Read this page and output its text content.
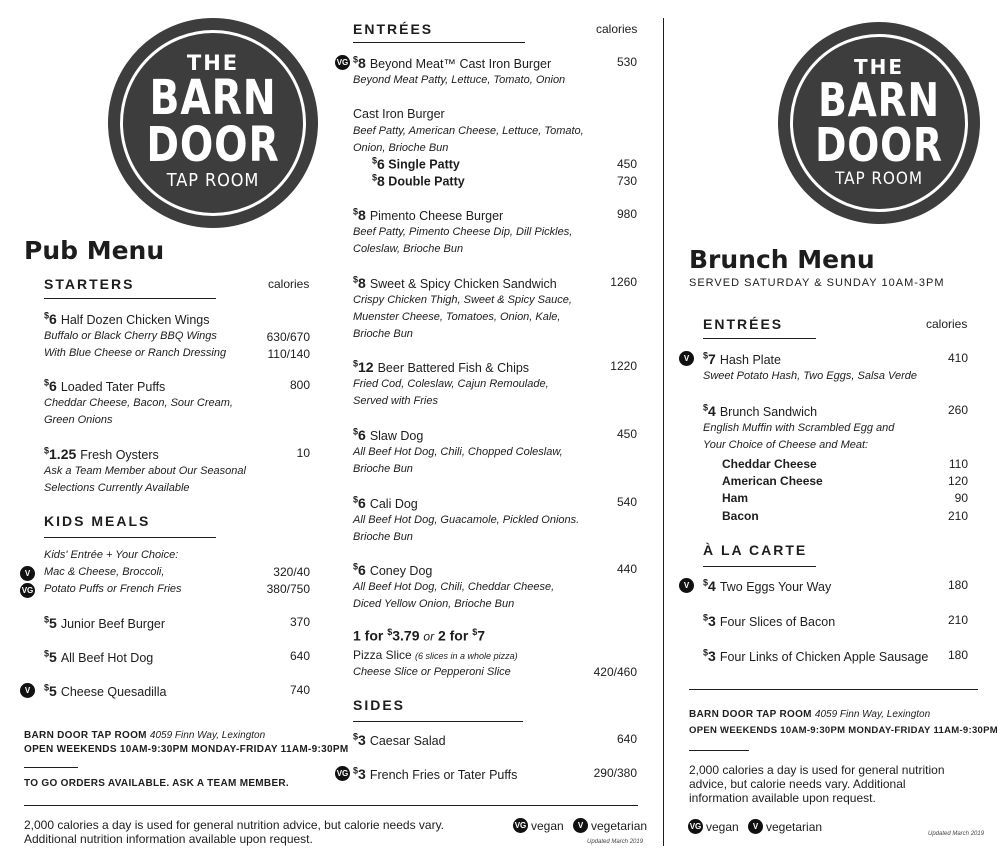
THE
BARN
DOOR
TAP ROOM
Pub Menu
STARTERS	calories
$6 Half Dozen Chicken Wings
Buffalo or Black Cherry BBQ Wings
With Blue Cheese or Ranch Dressing
630/670
110/140
$6 Loaded Tater Puffs
Cheddar Cheese, Bacon, Sour Cream,
Green Onions
800
$1.25 Fresh Oysters
Ask a Team Member about Our Seasonal
Selections Currently Available
10
KIDS MEALS
Kids' Entrée + Your Choice:
V	Mac & Cheese, Broccoli,	320/40
VG Potato Puffs or French Fries	380/750
$5 Junior Beef Burger	370
$5 All Beef Hot Dog	640
V	$5 Cheese Quesadilla	740
BARN DOOR TAP ROOM 4059 Finn Way, Lexington
OPEN WEEKENDS 10AM-9:30PM MONDAY-FRIDAY 11AM-9:30PM
TO GO ORDERS AVAILABLE. ASK A TEAM MEMBER.
2,000 calories a day is used for general nutrition advice, but calorie needs vary.
Additional nutrition information available upon request.
ENTRÉES	calories
VG $8 Beyond Meat™ Cast Iron Burger
Beyond Meat Patty, Lettuce, Tomato, Onion
530
Cast Iron Burger
Beef Patty, American Cheese, Lettuce, Tomato,
Onion, Brioche Bun
$6 Single Patty	450
$8 Double Patty	730
$8 Pimento Cheese Burger
Beef Patty, Pimento Cheese Dip, Dill Pickles,
Coleslaw, Brioche Bun
980
$8 Sweet & Spicy Chicken Sandwich
Crispy Chicken Thigh, Sweet & Spicy Sauce,
Muenster Cheese, Tomatoes, Onion, Kale,
Brioche Bun
1260
$12 Beer Battered Fish & Chips
Fried Cod, Coleslaw, Cajun Remoulade,
Served with Fries
1220
$6 Slaw Dog
All Beef Hot Dog, Chili, Chopped Coleslaw,
Brioche Bun
450
$6 Cali Dog
All Beef Hot Dog, Guacamole, Pickled Onions.
Brioche Bun
540
$6 Coney Dog
All Beef Hot Dog, Chili, Cheddar Cheese,
Diced Yellow Onion, Brioche Bun
440
1 for $3.79 or 2 for $7
Pizza Slice (6 slices in a whole pizza)
Cheese Slice or Pepperoni Slice	420/460
SIDES
$3 Caesar Salad	640
VG $3 French Fries or Tater Puffs	290/380
VG vegan	V vegetarian
Updated March 2019
THE
BARN
DOOR
TAP ROOM
Brunch Menu
SERVED SATURDAY & SUNDAY 10AM-3PM
ENTRÉES	calories
V	$7 Hash Plate
Sweet Potato Hash, Two Eggs, Salsa Verde
410
$4 Brunch Sandwich
English Muffin with Scrambled Egg and
Your Choice of Cheese and Meat:
260
Cheddar Cheese	110
American Cheese	120
Ham	90
Bacon	210
À LA CARTE
V	$4 Two Eggs Your Way	180
$3 Four Slices of Bacon	210
$3 Four Links of Chicken Apple Sausage	180
BARN DOOR TAP ROOM 4059 Finn Way, Lexington
OPEN WEEKENDS 10AM-9:30PM MONDAY-FRIDAY 11AM-9:30PM
2,000 calories a day is used for general nutrition
advice, but calorie needs vary. Additional
information available upon request.
VG vegan	V vegetarian	Updated March 2019
